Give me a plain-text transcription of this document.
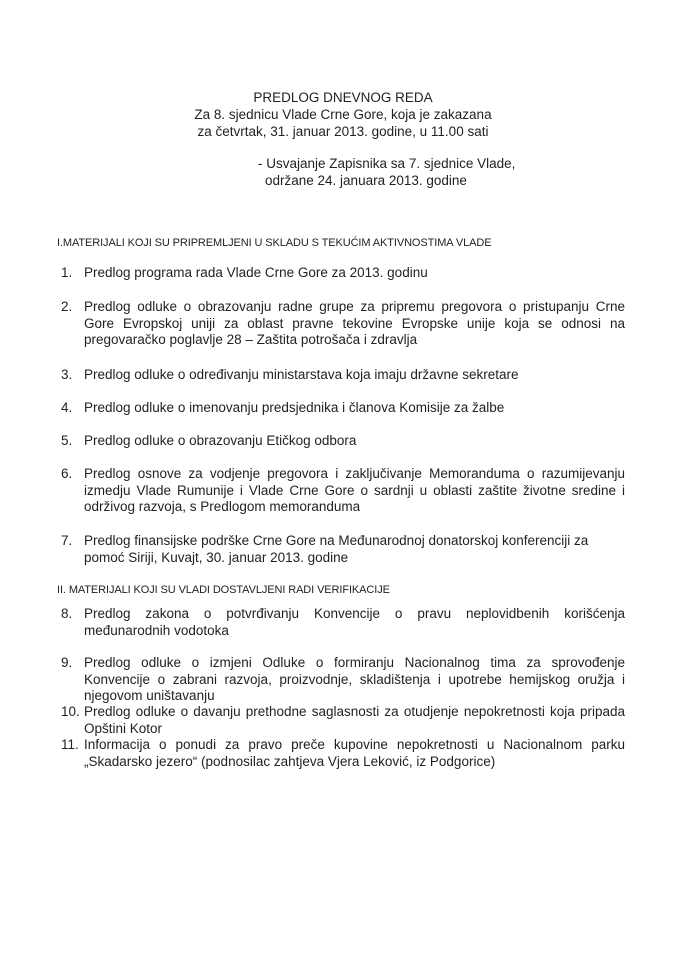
PREDLOG DNEVNOG REDA
Za 8. sjednicu Vlade Crne Gore, koja je zakazana
za četvrtak, 31. januar 2013. godine, u 11.00 sati
- Usvajanje Zapisnika sa 7. sjednice Vlade,
održane 24. januara 2013. godine
I.MATERIJALI KOJI SU PRIPREMLJENI U SKLADU S TEKUĆIM AKTIVNOSTIMA VLADE
1. Predlog programa rada Vlade Crne Gore za 2013. godinu
2. Predlog odluke o obrazovanju radne grupe za pripremu pregovora o pristupanju Crne Gore Evropskoj uniji za oblast pravne tekovine Evropske unije koja se odnosi na pregovaračko poglavlje 28 – Zaštita potrošača i zdravlja
3. Predlog odluke o određivanju ministarstava koja imaju državne sekretare
4. Predlog odluke o imenovanju predsjednika i članova Komisije za žalbe
5. Predlog odluke o obrazovanju Etičkog odbora
6. Predlog osnove za vodjenje pregovora i zaključivanje Memoranduma o razumijevanju izmedju Vlade Rumunije i Vlade Crne Gore o sardnji u oblasti zaštite životne sredine i održivog razvoja, s Predlogom memoranduma
7. Predlog finansijske podrške Crne Gore na Međunarodnoj donatorskoj konferenciji za pomoć Siriji, Kuvajt, 30. januar 2013. godine
II. MATERIJALI KOJI SU VLADI DOSTAVLJENI RADI VERIFIKACIJE
8. Predlog zakona o potvrđivanju Konvencije o pravu neplovidbenih korišćenja međunarodnih vodotoka
9. Predlog odluke o izmjeni Odluke o formiranju Nacionalnog tima za sprovođenje Konvencije o zabrani razvoja, proizvodnje, skladištenja i upotrebe hemijskog oružja i njegovom uništavanju
10. Predlog odluke o davanju prethodne saglasnosti za otudjenje nepokretnosti koja pripada Opštini Kotor
11. Informacija o ponudi za pravo preče kupovine nepokretnosti u Nacionalnom parku „Skadarsko jezero“ (podnosilac zahtjeva Vjera Leković, iz Podgorice)
